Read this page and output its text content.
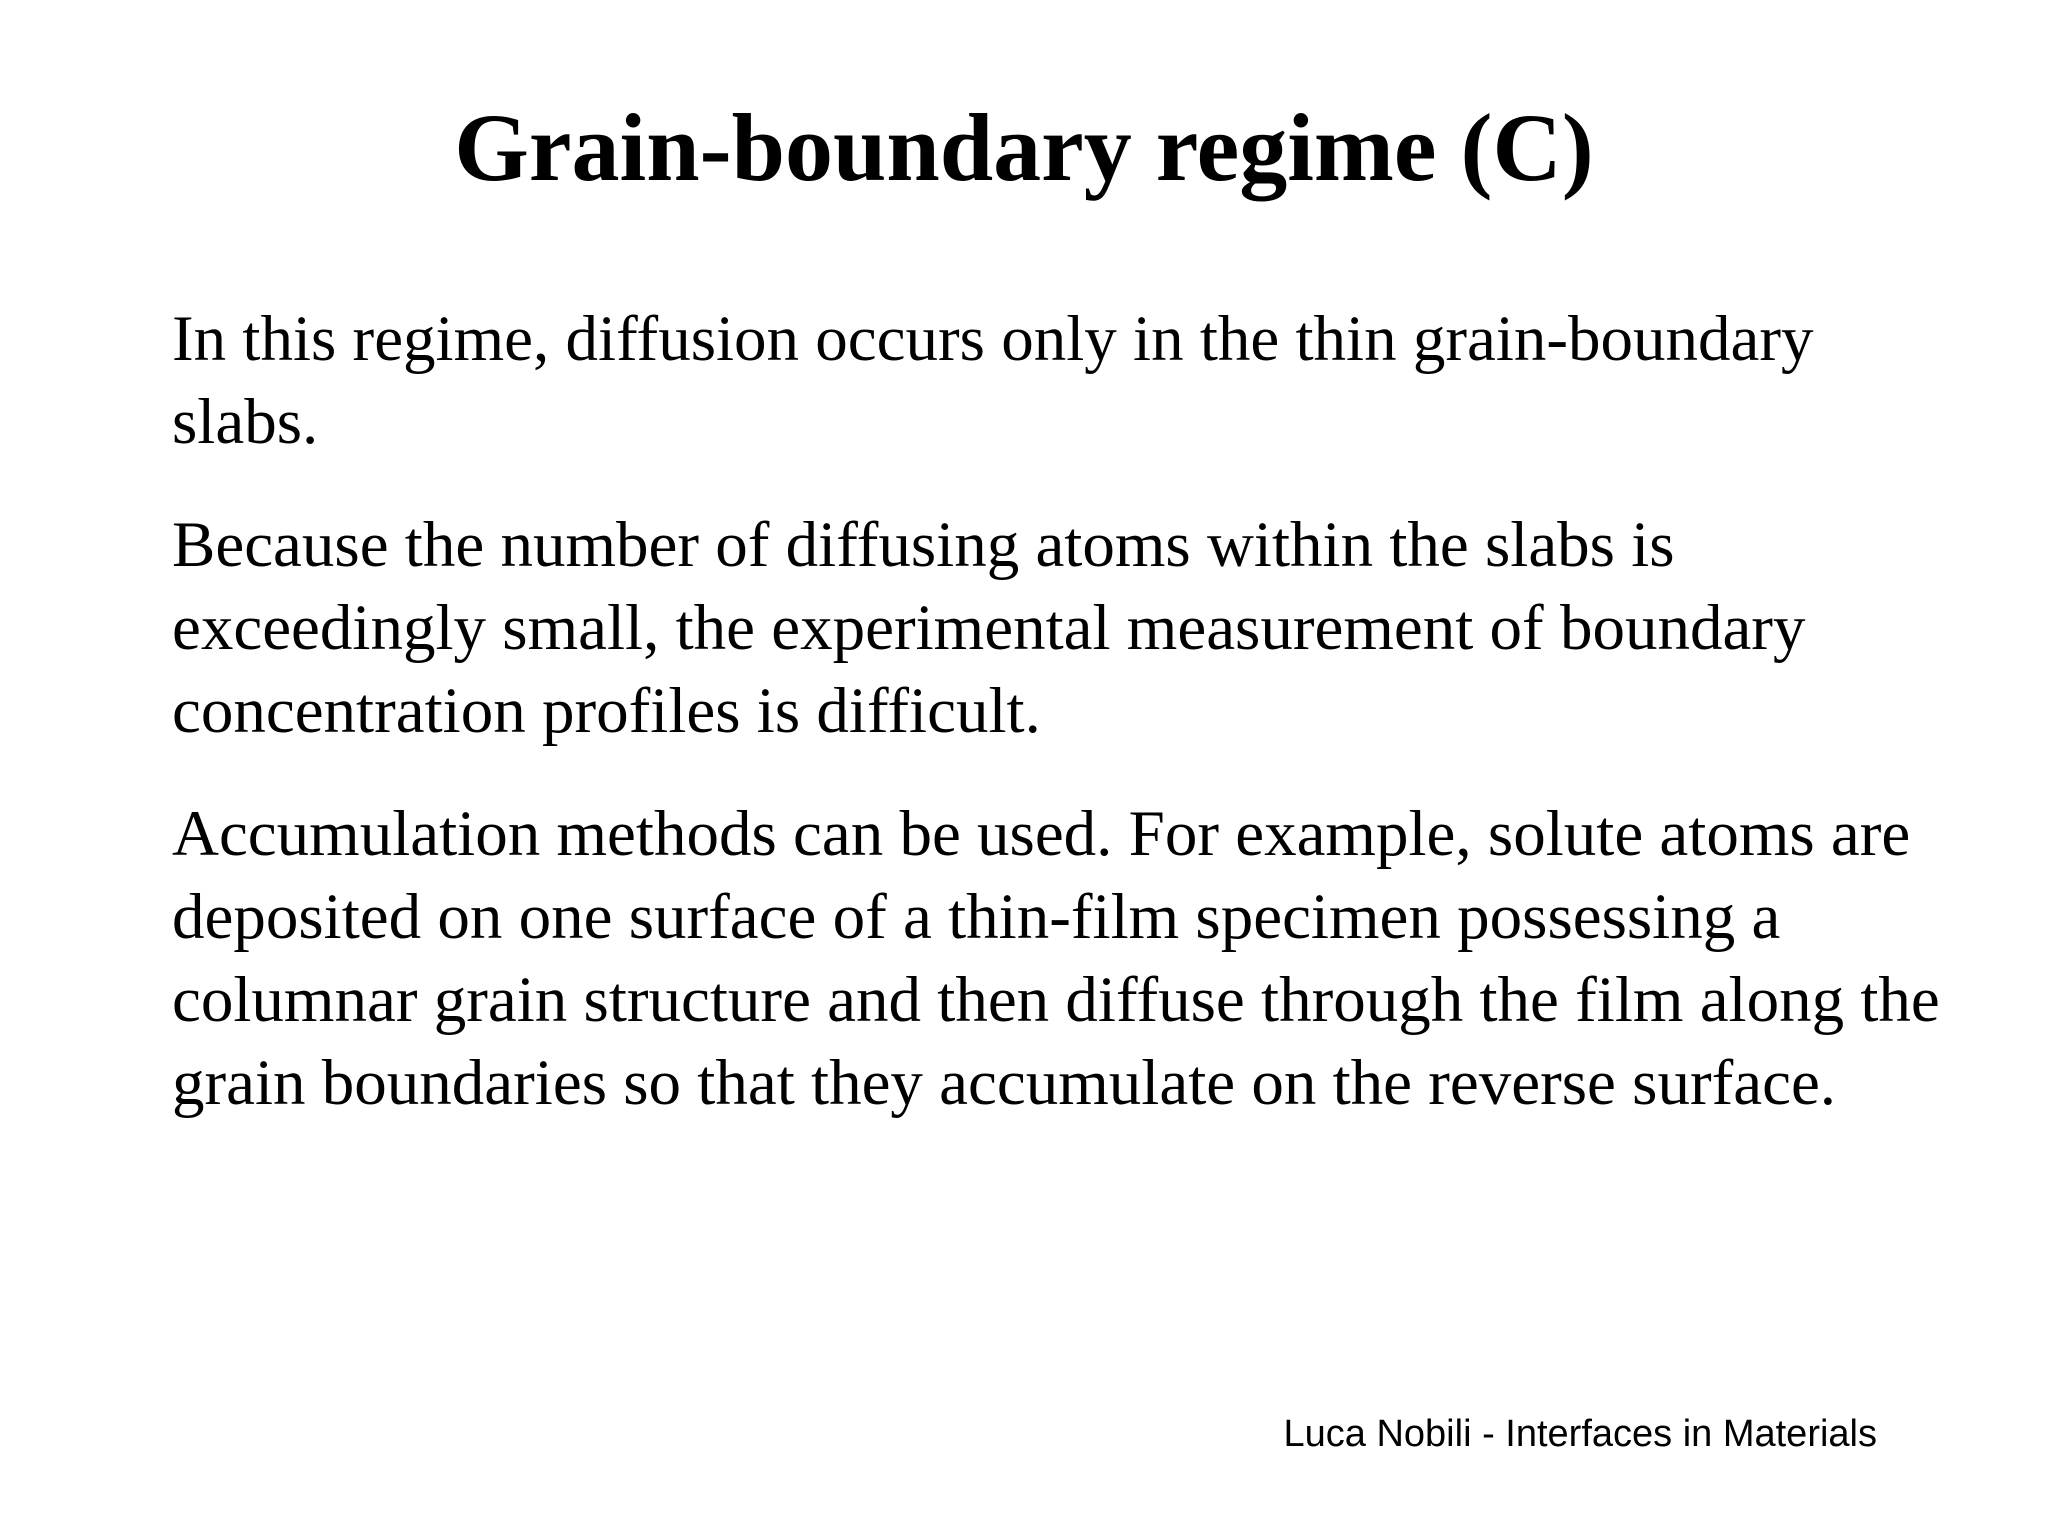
Grain-boundary regime (C)

In this regime, diffusion occurs only in the thin grain-boundary slabs.

Because the number of diffusing atoms within the slabs is exceedingly small, the experimental measurement of boundary concentration profiles is difficult.

Accumulation methods can be used. For example, solute atoms are deposited on one surface of a thin-film specimen possessing a columnar grain structure and then diffuse through the film along the grain boundaries so that they accumulate on the reverse surface.

Luca Nobili - Interfaces in Materials
